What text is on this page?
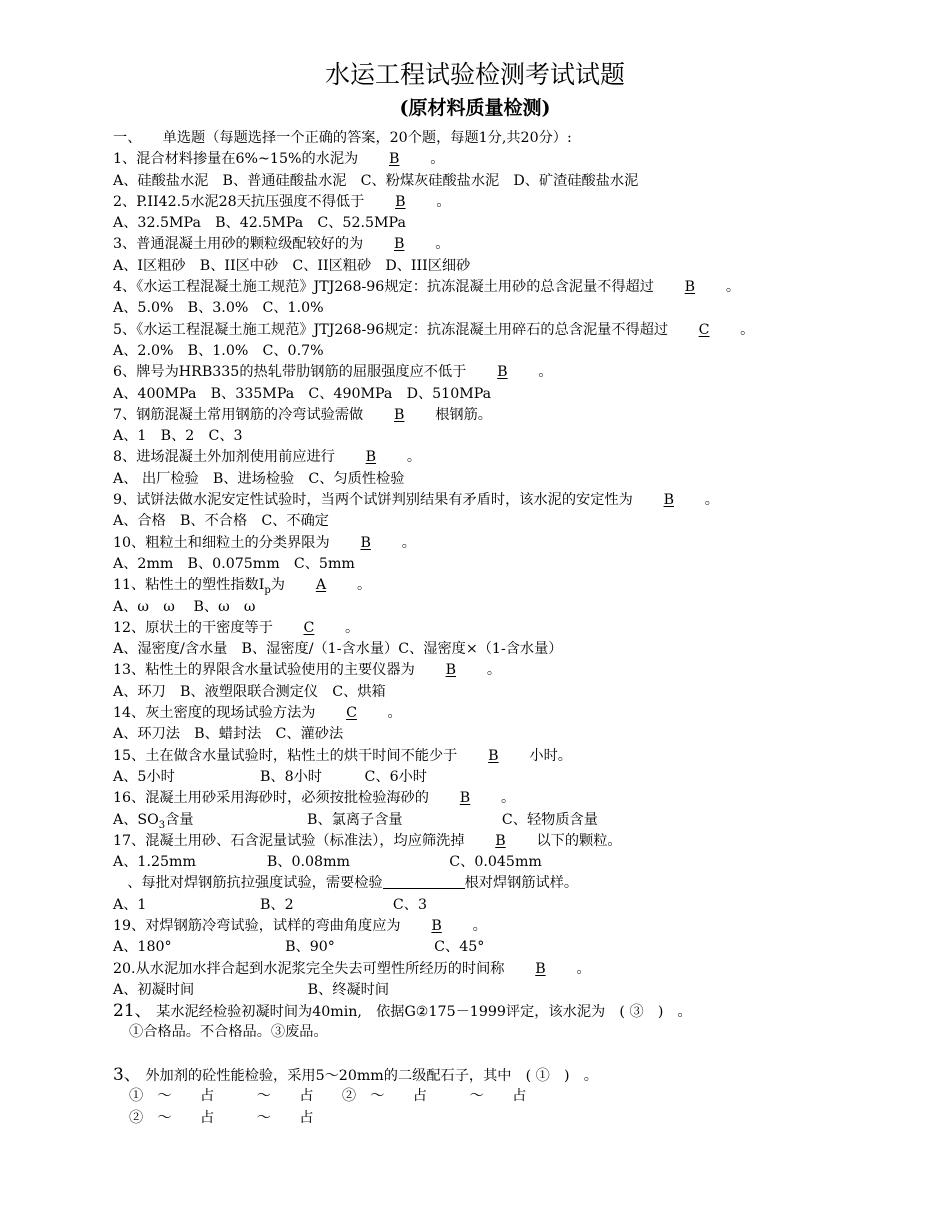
水运工程试验检测考试试题
(原材料质量检测)
一、　　单选题（每题选择一个正确的答案，20个题，每题1分,共20分）:
1、混合材料掺量在6%~15%的水泥为 B 。
A、硅酸盐水泥　B、普通硅酸盐水泥　C、粉煤灰硅酸盐水泥　D、矿渣硅酸盐水泥
2、P.II42.5水泥28天抗压强度不得低于 B 。
A、32.5MPa　B、42.5MPa　C、52.5MPa
3、普通混凝土用砂的颗粒级配较好的为 B 。
A、Ⅰ区粗砂　B、II区中砂　C、II区粗砂　D、III区细砂
4、《水运工程混凝土施工规范》JTJ268-96规定：抗冻混凝土用砂的总含泥量不得超过 B 。
A、5.0%　B、3.0%　C、1.0%
5、《水运工程混凝土施工规范》JTJ268-96规定：抗冻混凝土用碎石的总含泥量不得超过 C 。
A、2.0%　B、1.0%　C、0.7%
6、牌号为HRB335的热轧带肋钢筋的屈服强度应不低于 B 。
A、400MPa　B、335MPa　C、490MPa　D、510MPa
7、钢筋混凝土常用钢筋的冷弯试验需做 B 根钢筋。
A、1　B、2　C、3
8、进场混凝土外加剂使用前应进行 B 。
A、 出厂检验　B、进场检验　C、匀质性检验
9、试饼法做水泥安定性试验时，当两个试饼判别结果有矛盾时，该水泥的安定性为 B 。
A、合格　B、不合格　C、不确定
10、粗粒土和细粒土的分类界限为 B 。
A、2mm　B、0.075mm　C、5mm
11、粘性土的塑性指数$I_p$为 A 。
A、ω　ω　 B、ω　ω
12、原状土的干密度等于 C 。
A、湿密度/含水量　B、湿密度/（1-含水量）C、湿密度×（1-含水量）
13、粘性土的界限含水量试验使用的主要仪器为 B 。
A、环刀　B、液塑限联合测定仪　C、烘箱
14、灰土密度的现场试验方法为 C 。
A、环刀法　B、蜡封法　C、灌砂法
15、土在做含水量试验时，粘性土的烘干时间不能少于 B 小时。
A、5小时　　　　　　B、8小时　　　C、6小时
16、混凝土用砂采用海砂时，必须按批检验海砂的 B 。
A、$SO_3$含量　　　　　　　　B、氯离子含量　　　　　　　C、轻物质含量
17、混凝土用砂、石含泥量试验（标准法），均应筛洗掉 B 以下的颗粒。
A、1.25mm　　　　　B、0.08mm　　　　　　　C、0.045mm
　、每批对焊钢筋抗拉强度试验，需要检验	根对焊钢筋试样。
A、1　　　　　　　　B、2　　　　　　　C、3
19、对焊钢筋冷弯试验，试样的弯曲角度应为 B 。
A、180°　　　　　　　　B、90°　　　　　　　C、45°
20.从水泥加水拌合起到水泥浆完全失去可塑性所经历的时间称 B 。
A、初凝时间　　　　　　　　B、终凝时间
21、 某水泥经检验初凝时间为40min,　依据G②175－1999评定，该水泥为　( ③　)　。
①合格品。不合格品。③废品。
3、 外加剂的砼性能检验，采用5～20mm的二级配石子，其中　( ①　)　。
①　～　　占　　　～　　占　　②　～　　占　　　～　　占
②　～　　占　　　～　　占
